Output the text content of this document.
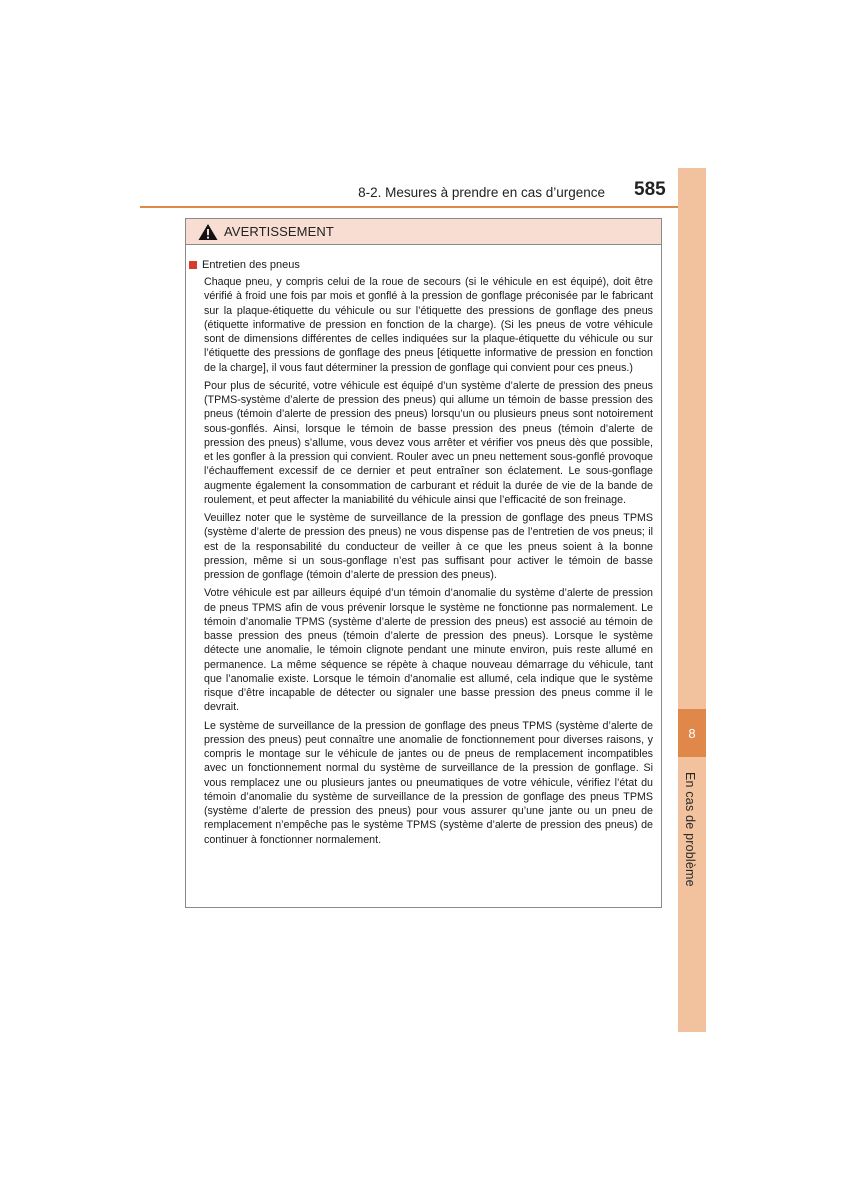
8
En cas de problème
8-2. Mesures à prendre en cas d’urgence 585
AVERTISSEMENT
Entretien des pneus

Chaque pneu, y compris celui de la roue de secours (si le véhicule en est équipé), doit être vérifié à froid une fois par mois et gonflé à la pression de gonflage préconisée par le fabricant sur la plaque-étiquette du véhicule ou sur l’étiquette des pressions de gonflage des pneus (étiquette informative de pression en fonction de la charge). (Si les pneus de votre véhicule sont de dimensions différentes de celles indiquées sur la plaque-étiquette du véhicule ou sur l’étiquette des pressions de gonflage des pneus [étiquette informative de pression en fonction de la charge], il vous faut déterminer la pression de gonflage qui convient pour ces pneus.)

Pour plus de sécurité, votre véhicule est équipé d’un système d’alerte de pression des pneus (TPMS-système d’alerte de pression des pneus) qui allume un témoin de basse pression des pneus (témoin d’alerte de pression des pneus) lorsqu’un ou plusieurs pneus sont notoirement sous-gonflés. Ainsi, lorsque le témoin de basse pression des pneus (témoin d’alerte de pression des pneus) s’allume, vous devez vous arrêter et vérifier vos pneus dès que possible, et les gonfler à la pression qui convient. Rouler avec un pneu nettement sous-gonflé provoque l’échauffement excessif de ce dernier et peut entraîner son éclatement. Le sous-gonflage augmente également la consommation de carburant et réduit la durée de vie de la bande de roulement, et peut affecter la maniabilité du véhicule ainsi que l’efficacité de son freinage.

Veuillez noter que le système de surveillance de la pression de gonflage des pneus TPMS (système d’alerte de pression des pneus) ne vous dispense pas de l’entretien de vos pneus; il est de la responsabilité du conducteur de veiller à ce que les pneus soient à la bonne pression, même si un sous-gonflage n’est pas suffisant pour activer le témoin de basse pression de gonflage (témoin d’alerte de pression des pneus).

Votre véhicule est par ailleurs équipé d’un témoin d’anomalie du système d’alerte de pression de pneus TPMS afin de vous prévenir lorsque le système ne fonctionne pas normalement. Le témoin d’anomalie TPMS (système d’alerte de pression des pneus) est associé au témoin de basse pression des pneus (témoin d’alerte de pression des pneus). Lorsque le système détecte une anomalie, le témoin clignote pendant une minute environ, puis reste allumé en permanence. La même séquence se répète à chaque nouveau démarrage du véhicule, tant que l’anomalie existe. Lorsque le témoin d’anomalie est allumé, cela indique que le système risque d’être incapable de détecter ou signaler une basse pression des pneus comme il le devrait.

Le système de surveillance de la pression de gonflage des pneus TPMS (système d’alerte de pression des pneus) peut connaître une anomalie de fonctionnement pour diverses raisons, y compris le montage sur le véhicule de jantes ou de pneus de remplacement incompatibles avec un fonctionnement normal du système de surveillance de la pression de gonflage. Si vous remplacez une ou plusieurs jantes ou pneumatiques de votre véhicule, vérifiez l’état du témoin d’anomalie du système de surveillance de la pression de gonflage des pneus TPMS (système d’alerte de pression des pneus) pour vous assurer qu’une jante ou un pneu de remplacement n’empêche pas le système TPMS (système d’alerte de pression des pneus) de continuer à fonctionner normalement.
